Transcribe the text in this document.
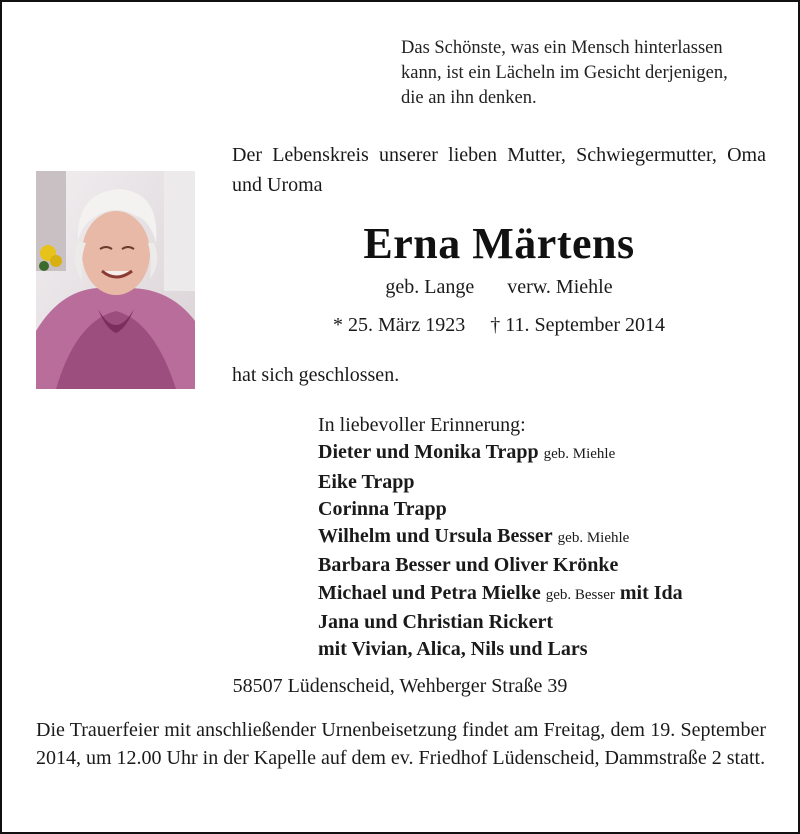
Das Schönste, was ein Mensch hinterlassen
kann, ist ein Lächeln im Gesicht derjenigen,
die an ihn denken.
Der Lebenskreis unserer lieben Mutter, Schwiegermutter, Oma und Uroma
Erna Märtens
geb. Lange verw. Miehle
* 25. März 1923 † 11. September 2014
hat sich geschlossen.
In liebevoller Erinnerung:
Dieter und Monika Trapp geb. Miehle
Eike Trapp
Corinna Trapp
Wilhelm und Ursula Besser geb. Miehle
Barbara Besser und Oliver Krönke
Michael und Petra Mielke geb. Besser mit Ida
Jana und Christian Rickert
mit Vivian, Alica, Nils und Lars
58507 Lüdenscheid, Wehberger Straße 39
Die Trauerfeier mit anschließender Urnenbeisetzung findet am Freitag, dem 19. September 2014, um 12.00 Uhr in der Kapelle auf dem ev. Friedhof Lüdenscheid, Dammstraße 2 statt.
